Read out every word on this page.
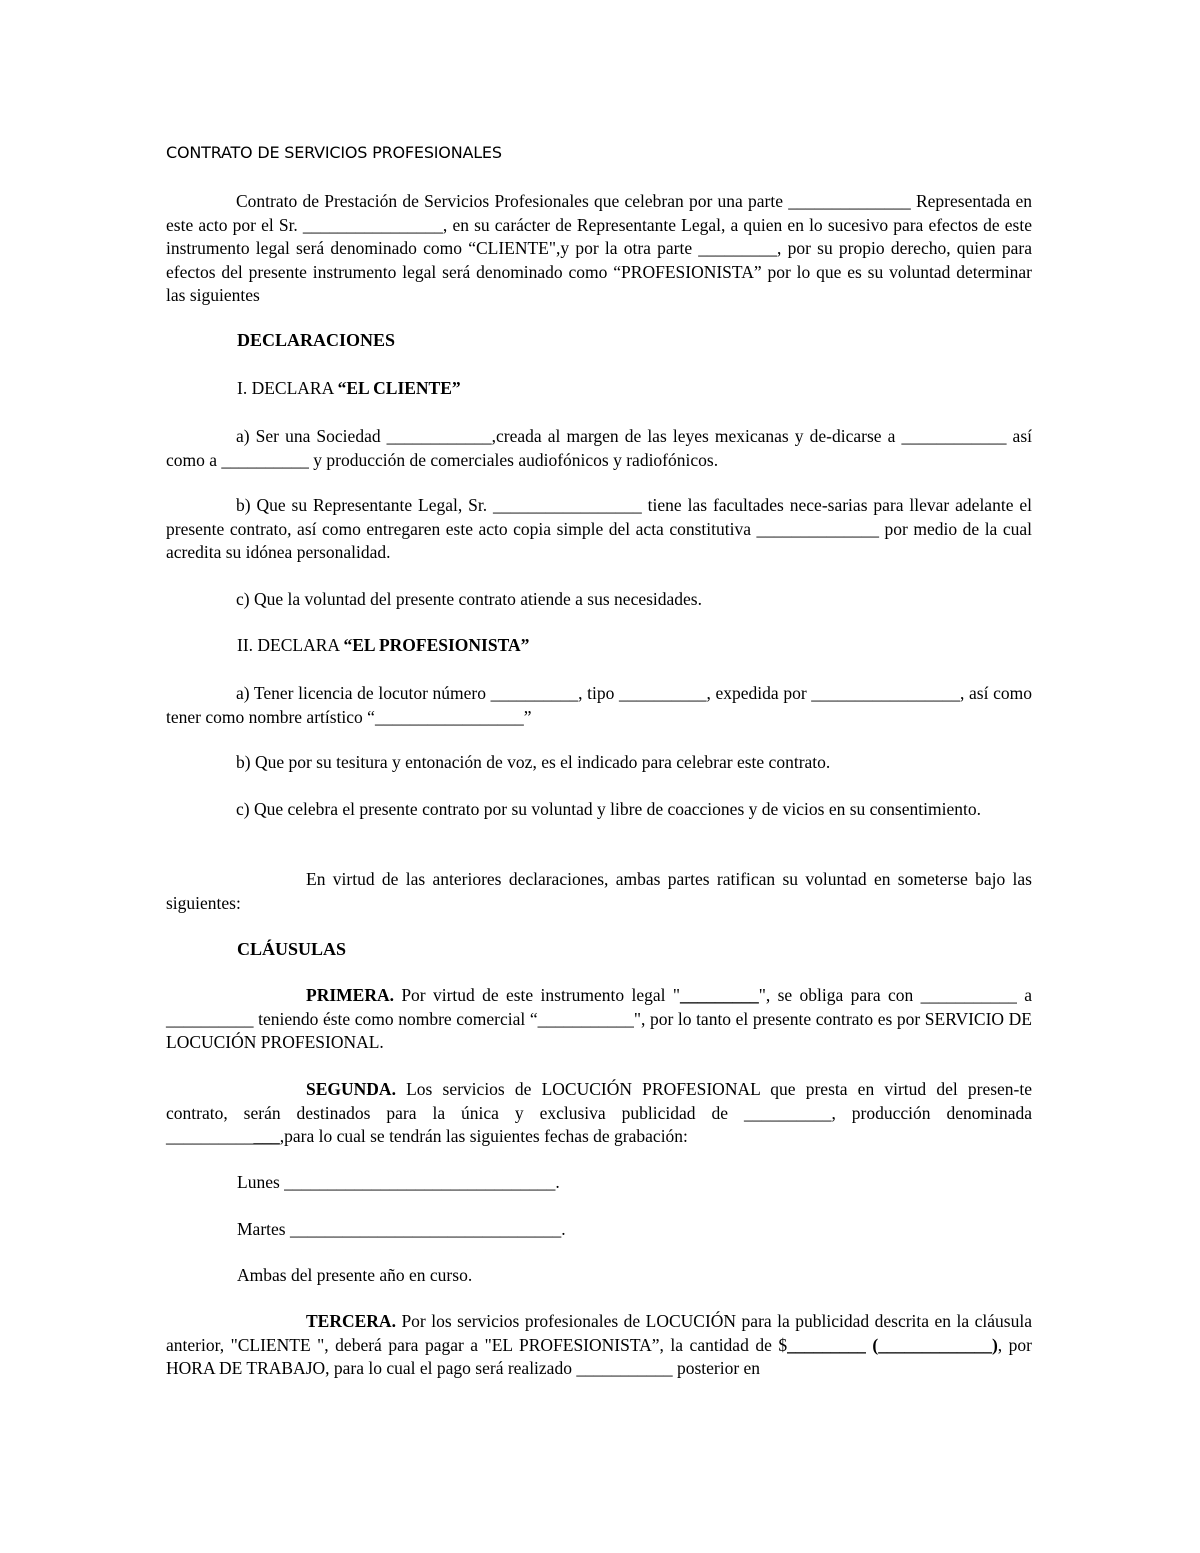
CONTRATO DE SERVICIOS PROFESIONALES
Contrato de Prestación de Servicios Profesionales que celebran por una parte ______________ Representada en este acto por el Sr. ________________, en su carácter de Representante Legal, a quien en lo sucesivo para efectos de este instrumento legal será denominado como “CLIENTE",y por la otra parte _________, por su propio derecho, quien para efectos del presente instrumento legal será denominado como “PROFESIONISTA” por lo que es su voluntad determinar las siguientes
DECLARACIONES
I. DECLARA “EL CLIENTE”
a) Ser una Sociedad ____________,creada al margen de las leyes mexicanas y de-dicarse a ____________ así como a __________ y producción de comerciales audiofónicos y radiofónicos.
b) Que su Representante Legal, Sr. _________________ tiene las facultades nece-sarias para llevar adelante el presente contrato, así como entregaren este acto copia simple del acta constitutiva ______________ por medio de la cual acredita su idónea personalidad.
c) Que la voluntad del presente contrato atiende a sus necesidades.
II. DECLARA “EL PROFESIONISTA”
a) Tener licencia de locutor número __________, tipo __________, expedida por _________________, así como tener como nombre artístico “_________________”
b) Que por su tesitura y entonación de voz, es el indicado para celebrar este contrato.
c) Que celebra el presente contrato por su voluntad y libre de coacciones y de vicios en su consentimiento.
En virtud de las anteriores declaraciones, ambas partes ratifican su voluntad en someterse bajo las siguientes:
CLÁUSULAS
PRIMERA. Por virtud de este instrumento legal "_________", se obliga para con ___________ a __________ teniendo éste como nombre comercial “___________", por lo tanto el presente contrato es por SERVICIO DE LOCUCIÓN PROFESIONAL.
SEGUNDA. Los servicios de LOCUCIÓN PROFESIONAL que presta en virtud del presen-te contrato, serán destinados para la única y exclusiva publicidad de __________, producción denominada _____________,para lo cual se tendrán las siguientes fechas de grabación:
Lunes _______________________________.
Martes _______________________________.
Ambas del presente año en curso.
TERCERA. Por los servicios profesionales de LOCUCIÓN para la publicidad descrita en la cláusula anterior, "CLIENTE ", deberá para pagar a "EL PROFESIONISTA”, la cantidad de $_________ (_____________), por HORA DE TRABAJO, para lo cual el pago será realizado ___________ posterior en
